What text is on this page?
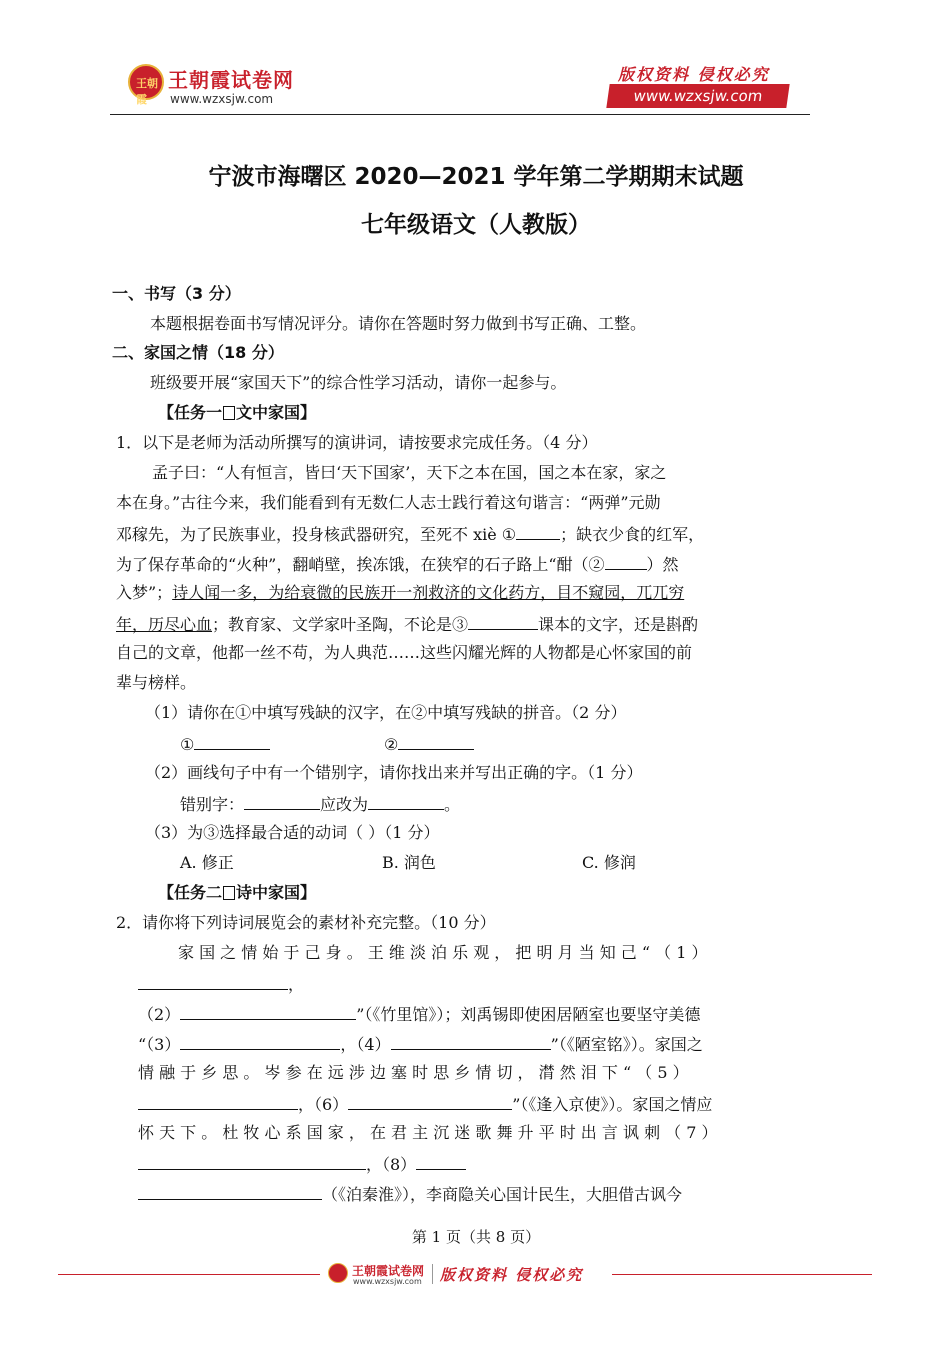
王朝霞
王朝霞试卷网
www.wzxsjw.com
版权资料 侵权必究
www.wzxsjw.com
宁波市海曙区 2020—2021 学年第二学期期末试题
七年级语文（人教版）
一、书写（3 分）
本题根据卷面书写情况评分。请你在答题时努力做到书写正确、工整。
二、家国之情（18 分）
班级要开展“家国天下”的综合性学习活动，请你一起参与。
【任务一 文中家国】
1．以下是老师为活动所撰写的演讲词，请按要求完成任务。（4 分）
孟子曰：“人有恒言，皆曰‘天下国家’，天下之本在国，国之本在家，家之
本在身。”古往今来，我们能看到有无数仁人志士践行着这句谐言：“两弹”元勋
邓稼先，为了民族事业，投身核武器研究，至死不 xiè ①	；缺衣少食的红军，
为了保存革命的“火种”，翻峭壁，挨冻饿，在狭窄的石子路上“酣（②	）然
入梦”；诗人闻一多，为给衰微的民族开一剂救济的文化药方，目不窥园，兀兀穷
年，历尽心血；教育家、文学家叶圣陶，不论是③	课本的文字，还是斟酌
自己的文章，他都一丝不苟，为人典范……这些闪耀光辉的人物都是心怀家国的前
辈与榜样。
（1）请你在①中填写残缺的汉字，在②中填写残缺的拼音。（2 分）
①	②
（2）画线句子中有一个错别字，请你找出来并写出正确的字。（1 分）
错别字：	应改为	。
（3）为③选择最合适的动词（ ）（1 分）
A. 修正	B. 润色	C. 修润
【任务二 诗中家国】
2．请你将下列诗词展览会的素材补充完整。（10 分）
家 国 之 情 始 于 己 身 。 王 维 淡 泊 乐 观 ， 把 明 月 当 知 己 “ （ 1 ）
，
（2）	”（《竹里馆》）；刘禹锡即使困居陋室也要坚守美德
“（3）	，（4）	”（《陋室铭》）。家国之
情 融 于 乡 思 。 岑 参 在 远 涉 边 塞 时 思 乡 情 切 ， 潸 然 泪 下 “ （ 5 ）
，（6）	”（《逢入京使》）。家国之情应
怀 天 下 。 杜 牧 心 系 国 家 ， 在 君 主 沉 迷 歌 舞 升 平 时 出 言 讽 刺 （ 7 ）
，（8）
（《泊秦淮》），李商隐关心国计民生，大胆借古讽今
第 1 页（共 8 页）
王朝霞试卷网
www.wzxsjw.com 版权资料 侵权必究
